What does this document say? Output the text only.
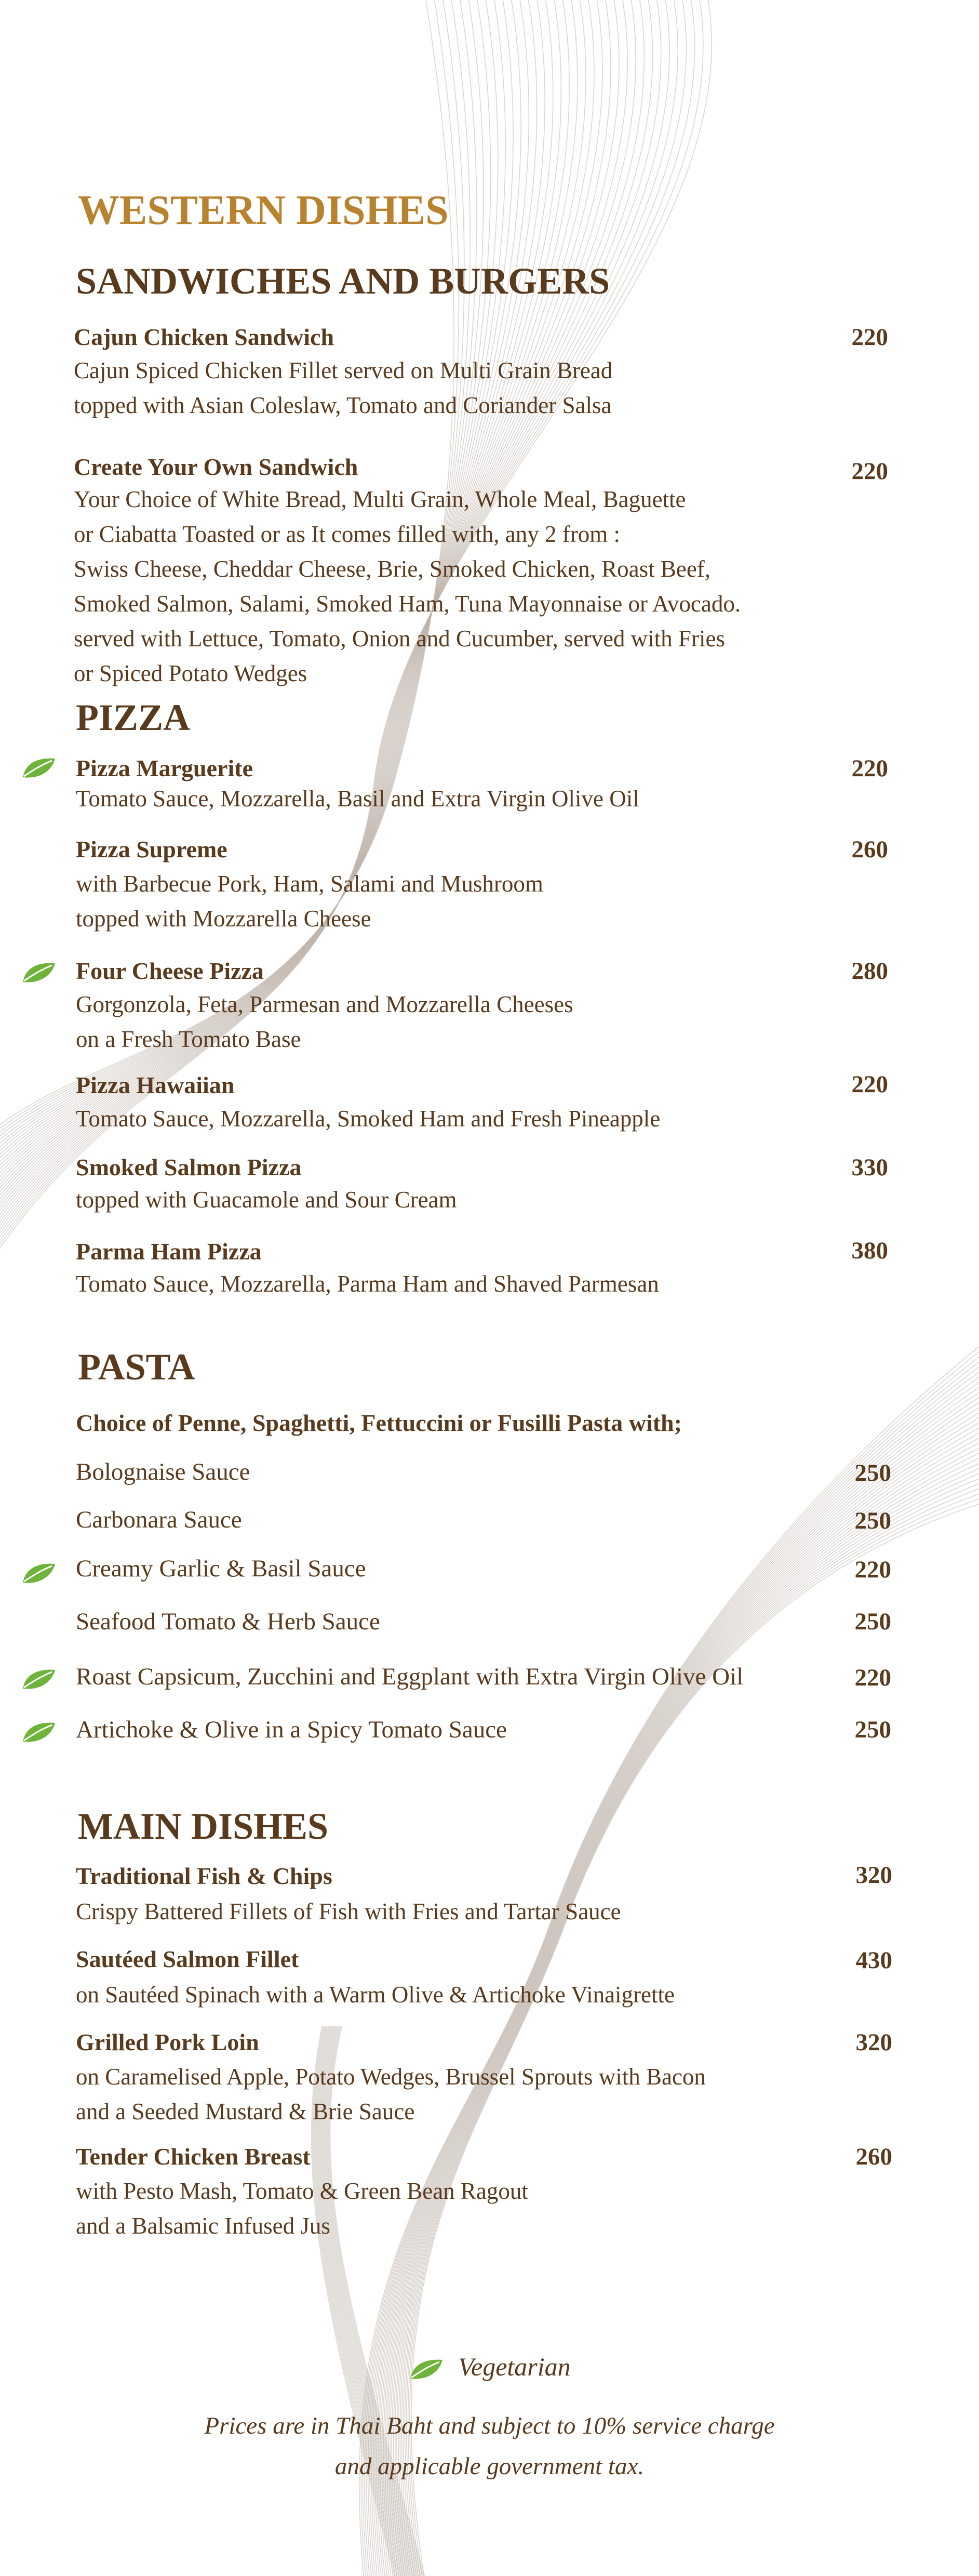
WESTERN DISHES
SANDWICHES AND BURGERS
Cajun Chicken Sandwich	220
Cajun Spiced Chicken Fillet served on Multi Grain Bread
topped with Asian Coleslaw, Tomato and Coriander Salsa
Create Your Own Sandwich	220
Your Choice of White Bread, Multi Grain, Whole Meal, Baguette
or Ciabatta Toasted or as It comes filled with, any 2 from :
Swiss Cheese, Cheddar Cheese, Brie, Smoked Chicken, Roast Beef,
Smoked Salmon, Salami, Smoked Ham, Tuna Mayonnaise or Avocado.
served with Lettuce, Tomato, Onion and Cucumber, served with Fries
or Spiced Potato Wedges
PIZZA
Pizza Marguerite	220
Tomato Sauce, Mozzarella, Basil and Extra Virgin Olive Oil
Pizza Supreme	260
with Barbecue Pork, Ham, Salami and Mushroom
topped with Mozzarella Cheese
Four Cheese Pizza	280
Gorgonzola, Feta, Parmesan and Mozzarella Cheeses
on a Fresh Tomato Base
Pizza Hawaiian	220
Tomato Sauce, Mozzarella, Smoked Ham and Fresh Pineapple
Smoked Salmon Pizza	330
topped with Guacamole and Sour Cream
Parma Ham Pizza	380
Tomato Sauce, Mozzarella, Parma Ham and Shaved Parmesan
PASTA
Choice of Penne, Spaghetti, Fettuccini or Fusilli Pasta with;
Bolognaise Sauce	250
Carbonara Sauce	250
Creamy Garlic & Basil Sauce	220
Seafood Tomato & Herb Sauce	250
Roast Capsicum, Zucchini and Eggplant with Extra Virgin Olive Oil	220
Artichoke & Olive in a Spicy Tomato Sauce	250
MAIN DISHES
Traditional Fish & Chips	320
Crispy Battered Fillets of Fish with Fries and Tartar Sauce
Sautéed Salmon Fillet	430
on Sautéed Spinach with a Warm Olive & Artichoke Vinaigrette
Grilled Pork Loin	320
on Caramelised Apple, Potato Wedges, Brussel Sprouts with Bacon
and a Seeded Mustard & Brie Sauce
Tender Chicken Breast	260
with Pesto Mash, Tomato & Green Bean Ragout
and a Balsamic Infused Jus
Vegetarian
Prices are in Thai Baht and subject to 10% service charge
and applicable government tax.
